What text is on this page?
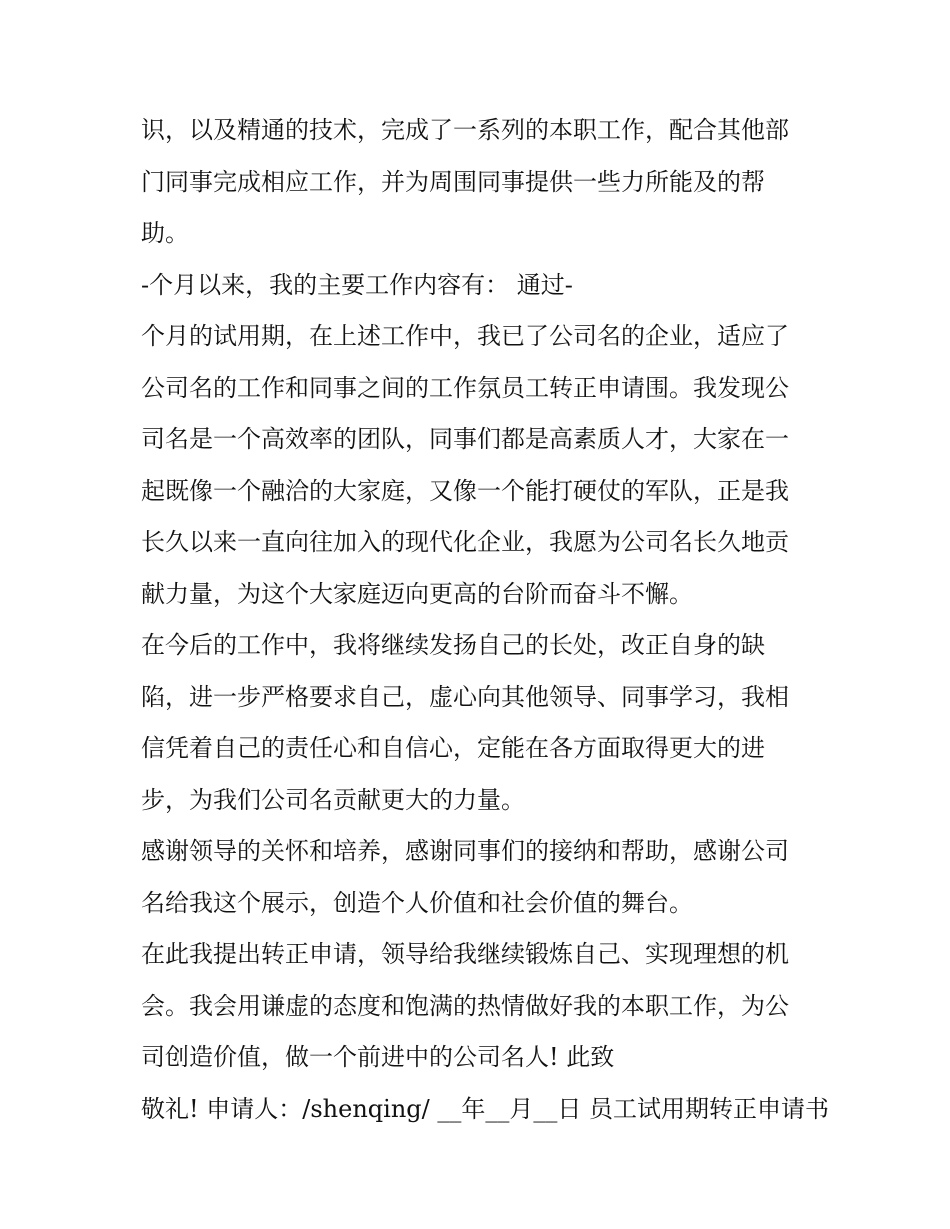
识，以及精通的技术，完成了一系列的本职工作，配合其他部
门同事完成相应工作，并为周围同事提供一些力所能及的帮
助。
-个月以来，我的主要工作内容有： 通过-
个月的试用期，在上述工作中，我已了公司名的企业，适应了
公司名的工作和同事之间的工作氛员工转正申请围。我发现公
司名是一个高效率的团队，同事们都是高素质人才，大家在一
起既像一个融洽的大家庭，又像一个能打硬仗的军队，正是我
长久以来一直向往加入的现代化企业，我愿为公司名长久地贡
献力量，为这个大家庭迈向更高的台阶而奋斗不懈。
在今后的工作中，我将继续发扬自己的长处，改正自身的缺
陷，进一步严格要求自己，虚心向其他领导、同事学习，我相
信凭着自己的责任心和自信心，定能在各方面取得更大的进
步，为我们公司名贡献更大的力量。
感谢领导的关怀和培养，感谢同事们的接纳和帮助，感谢公司
名给我这个展示，创造个人价值和社会价值的舞台。
在此我提出转正申请，领导给我继续锻炼自己、实现理想的机
会。我会用谦虚的态度和饱满的热情做好我的本职工作，为公
司创造价值，做一个前进中的公司名人! 此致
敬礼! 申请人：/shenqing/ __年__月__日 员工试用期转正申请书
